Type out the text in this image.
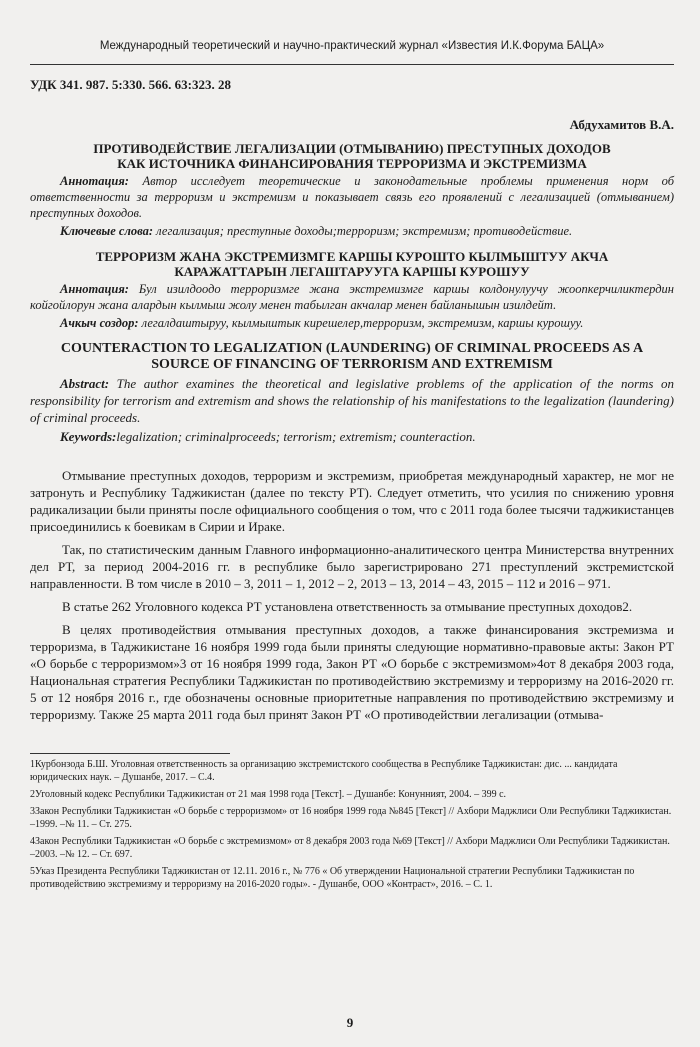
Международный теоретический и научно-практический журнал «Известия И.К.Форума БАЦА»
УДК 341. 987. 5:330. 566. 63:323. 28
Абдухамитов В.А.
ПРОТИВОДЕЙСТВИЕ ЛЕГАЛИЗАЦИИ (ОТМЫВАНИЮ) ПРЕСТУПНЫХ ДОХОДОВ
КАК ИСТОЧНИКА ФИНАНСИРОВАНИЯ ТЕРРОРИЗМА И ЭКСТРЕМИЗМА
Аннотация: Автор исследует теоретические и законодательные проблемы применения норм об ответственности за терроризм и экстремизм и показывает связь его проявлений с легализацией (отмыванием) преступных доходов.
Ключевые слова: легализация; преступные доходы;терроризм; экстремизм; противодействие.
ТЕРРОРИЗМ ЖАНА ЭКСТРЕМИЗМГЕ КАРШЫ КУРОШТО КЫЛМЫШТУУ АКЧА
КАРАЖАТТАРЫН ЛЕГАШТАРУУГА КАРШЫ КУРОШУУ
Аннотация: Бул изилдоодо терроризмге жана экстремизмге каршы колдонулуучу жоопкерчиликтердин койгойлорун жана алардын кылмыш жолу менен табылган акчалар менен байланышын изилдейт.
Ачкыч создор: легалдаштыруу, кылмыштык кирешелер,терроризм, экстремизм, каршы курошуу.
COUNTERACTION TO LEGALIZATION (LAUNDERING) OF CRIMINAL PROCEEDS AS A
SOURCE OF FINANCING OF TERRORISM AND EXTREMISM
Abstract: The author examines the theoretical and legislative problems of the application of the norms on responsibility for terrorism and extremism and shows the relationship of his manifestations to the legalization (laundering) of criminal proceeds.
Keywords:legalization; criminalproceeds; terrorism; extremism; counteraction.

Отмывание преступных доходов, терроризм и экстремизм, приобретая международный характер, не мог не затронуть и Республику Таджикистан (далее по тексту РТ). Следует отметить, что усилия по снижению уровня радикализации были приняты после официального сообщения о том, что с 2011 года более тысячи таджикистанцев присоединились к боевикам в Сирии и Ираке.

Так, по статистическим данным Главного информационно-аналитического центра Министерства внутренних дел РТ, за период 2004-2016 гг. в республике было зарегистрировано 271 преступлений экстремистской направленности. В том числе в 2010 – 3, 2011 – 1, 2012 – 2, 2013 – 13, 2014 – 43, 2015 – 112 и 2016 – 971.

В статье 262 Уголовного кодекса РТ установлена ответственность за отмывание преступных доходов2.

В целях противодействия отмывания преступных доходов, а также финансирования экстремизма и терроризма, в Таджикистане 16 ноября 1999 года были приняты следующие нормативно-правовые акты: Закон РТ «О борьбе с терроризмом»3 от 16 ноября 1999 года, Закон РТ «О борьбе с экстремизмом»4от 8 декабря 2003 года, Национальная стратегия Республики Таджикистан по противодействию экстремизму и терроризму на 2016-2020 гг. 5 от 12 ноября 2016 г., где обозначены основные приоритетные направления по противодействию экстремизму и терроризму. Также 25 марта 2011 года был принят Закон РТ «О противодействии легализации (отмыва-

1Курбонзода Б.Ш. Уголовная ответственность за организацию экстремистского сообщества в Республике Таджикистан: дис. ... кандидата юридических наук. – Душанбе, 2017. – С.4.
2Уголовный кодекс Республики Таджикистан от 21 мая 1998 года [Текст]. – Душанбе: Конунният, 2004. – 399 с.
3Закон Республики Таджикистан «О борьбе с терроризмом» от 16 ноября 1999 года №845 [Текст] // Ахбори Маджлиси Оли Республики Таджикистан. –1999. –№ 11. – Ст. 275.
4Закон Республики Таджикистан «О борьбе с экстремизмом» от 8 декабря 2003 года №69 [Текст] // Ахбори Маджлиси Оли Республики Таджикистан. –2003. –№ 12. – Ст. 697.
5Указ Президента Республики Таджикистан от 12.11. 2016 г., № 776 « Об утверждении Национальной стратегии Республики Таджикистан по противодействию экстремизму и терроризму на 2016-2020 годы». - Душанбе, ООО «Контраст», 2016. – С. 1.
9
